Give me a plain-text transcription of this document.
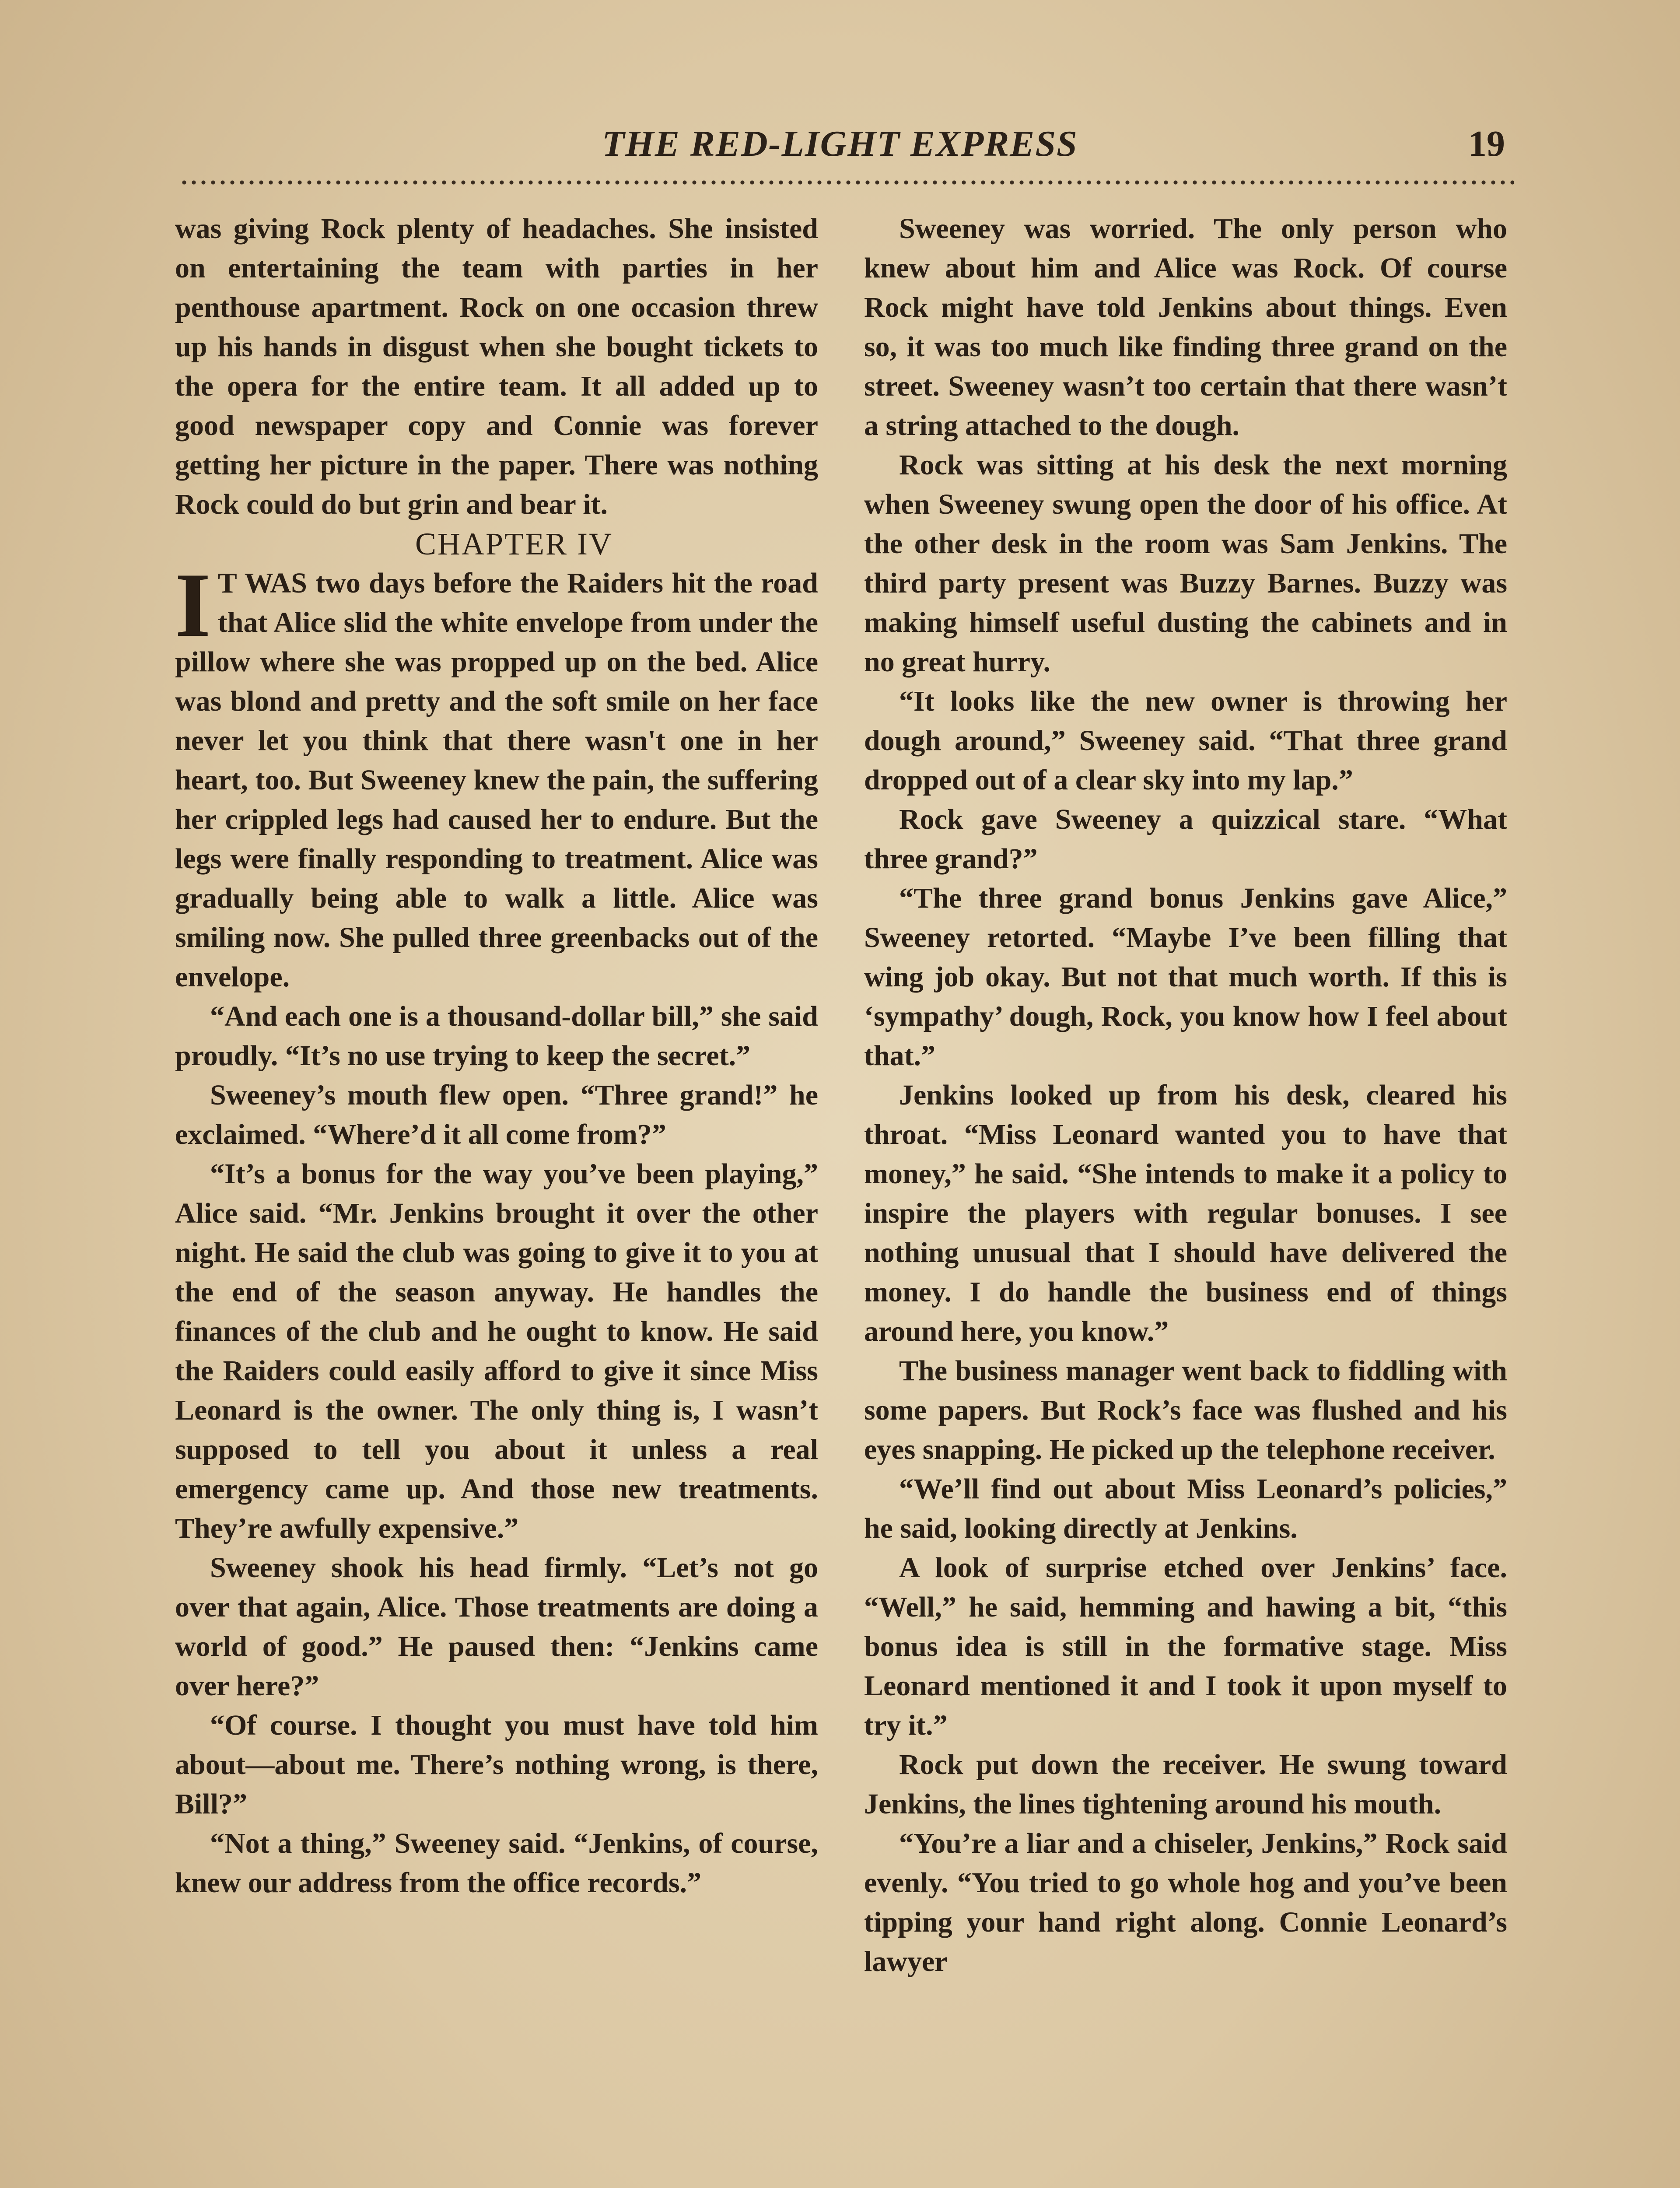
THE RED-LIGHT EXPRESS	19

was giving Rock plenty of headaches. She insisted on entertaining the team with parties in her penthouse apartment. Rock on one occasion threw up his hands in disgust when she bought tickets to the opera for the entire team. It all added up to good newspaper copy and Connie was forever getting her picture in the paper. There was nothing Rock could do but grin and bear it.

CHAPTER IV

I T WAS two days before the Raiders hit the road that Alice slid the white envelope from under the pillow where she was propped up on the bed. Alice was blond and pretty and the soft smile on her face never let you think that there wasn't one in her heart, too. But Sweeney knew the pain, the suffering her crippled legs had caused her to endure. But the legs were finally responding to treatment. Alice was gradually being able to walk a little. Alice was smiling now. She pulled three greenbacks out of the envelope.

“And each one is a thousand-dollar bill,” she said proudly. “It’s no use trying to keep the secret.”

Sweeney’s mouth flew open. “Three grand!” he exclaimed. “Where’d it all come from?”

“It’s a bonus for the way you’ve been playing,” Alice said. “Mr. Jenkins brought it over the other night. He said the club was going to give it to you at the end of the season anyway. He handles the finances of the club and he ought to know. He said the Raiders could easily afford to give it since Miss Leonard is the owner. The only thing is, I wasn’t supposed to tell you about it unless a real emergency came up. And those new treatments. They’re awfully expensive.”

Sweeney shook his head firmly. “Let’s not go over that again, Alice. Those treatments are doing a world of good.” He paused then: “Jenkins came over here?”

“Of course. I thought you must have told him about—about me. There’s nothing wrong, is there, Bill?”

“Not a thing,” Sweeney said. “Jenkins, of course, knew our address from the office records.”

Sweeney was worried. The only person who knew about him and Alice was Rock. Of course Rock might have told Jenkins about things. Even so, it was too much like finding three grand on the street. Sweeney wasn’t too certain that there wasn’t a string attached to the dough.

Rock was sitting at his desk the next morning when Sweeney swung open the door of his office. At the other desk in the room was Sam Jenkins. The third party present was Buzzy Barnes. Buzzy was making himself useful dusting the cabinets and in no great hurry.

“It looks like the new owner is throwing her dough around,” Sweeney said. “That three grand dropped out of a clear sky into my lap.”

Rock gave Sweeney a quizzical stare. “What three grand?”

“The three grand bonus Jenkins gave Alice,” Sweeney retorted. “Maybe I’ve been filling that wing job okay. But not that much worth. If this is ‘sympathy’ dough, Rock, you know how I feel about that.”

Jenkins looked up from his desk, cleared his throat. “Miss Leonard wanted you to have that money,” he said. “She intends to make it a policy to inspire the players with regular bonuses. I see nothing unusual that I should have delivered the money. I do handle the business end of things around here, you know.”

The business manager went back to fiddling with some papers. But Rock’s face was flushed and his eyes snapping. He picked up the telephone receiver.

“We’ll find out about Miss Leonard’s policies,” he said, looking directly at Jenkins.

A look of surprise etched over Jenkins’ face. “Well,” he said, hemming and hawing a bit, “this bonus idea is still in the formative stage. Miss Leonard mentioned it and I took it upon myself to try it.”

Rock put down the receiver. He swung toward Jenkins, the lines tightening around his mouth.

“You’re a liar and a chiseler, Jenkins,” Rock said evenly. “You tried to go whole hog and you’ve been tipping your hand right along. Connie Leonard’s lawyer
